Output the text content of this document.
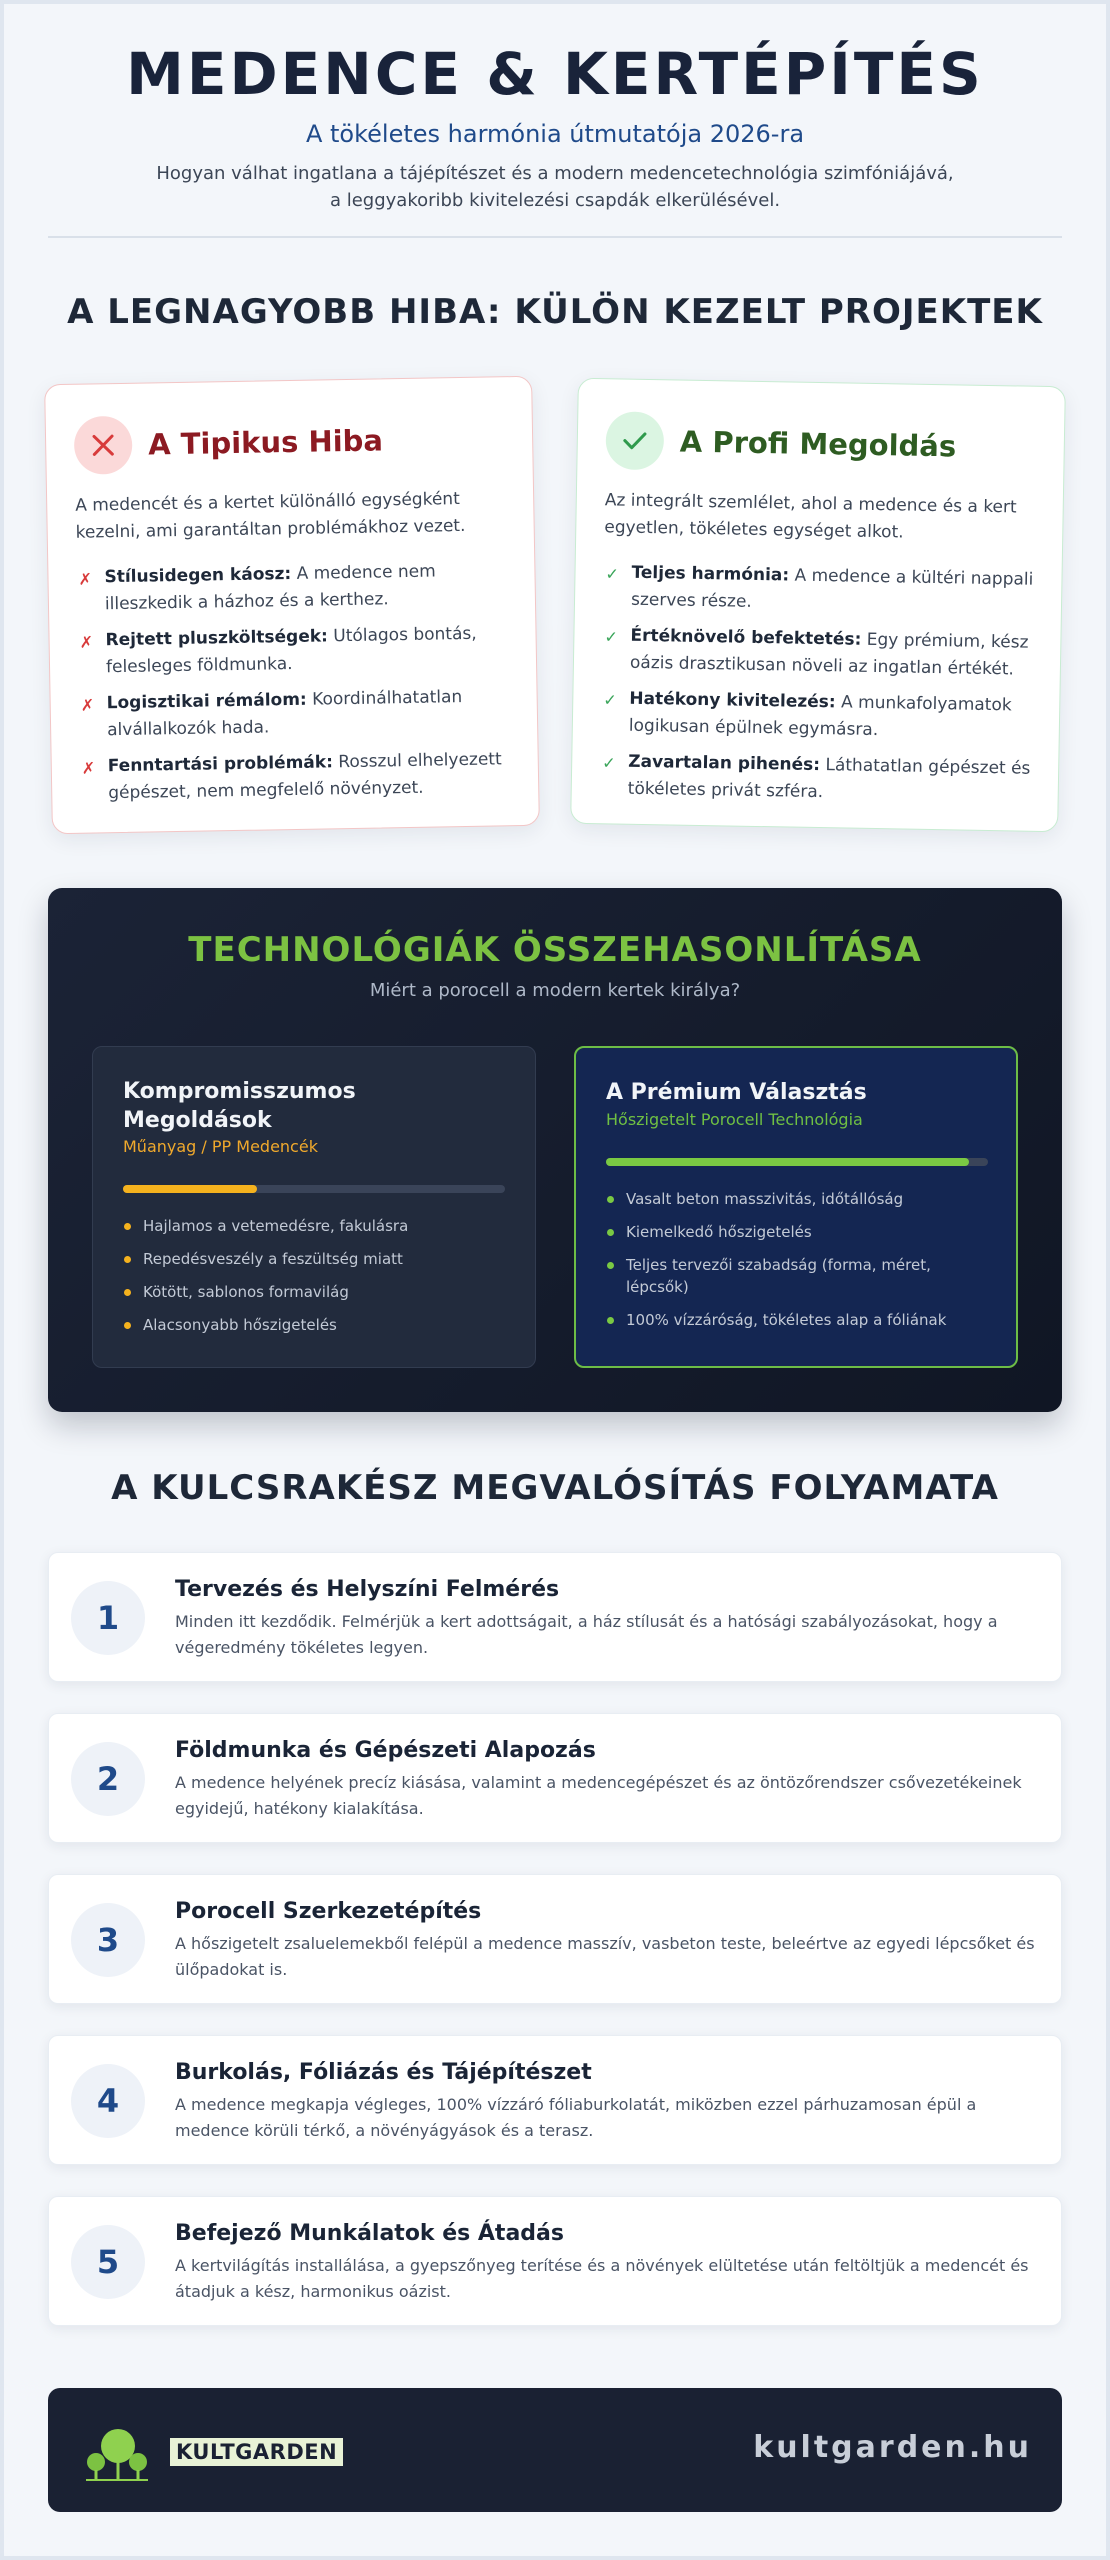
MEDENCE & KERTÉPÍTÉS
A tökéletes harmónia útmutatója 2026-ra
Hogyan válhat ingatlana a tájépítészet és a modern medencetechnológia szimfóniájává,
a leggyakoribb kivitelezési csapdák elkerülésével.
A LEGNAGYOBB HIBA: KÜLÖN KEZELT PROJEKTEK
A Tipikus Hiba
A medencét és a kertet különálló egységként kezelni, ami garantáltan problémákhoz vezet.
✗ Stílusidegen káosz: A medence nem illeszkedik a házhoz és a kerthez.
✗ Rejtett pluszköltségek: Utólagos bontás, felesleges földmunka.
✗ Logisztikai rémálom: Koordinálhatatlan alvállalkozók hada.
✗ Fenntartási problémák: Rosszul elhelyezett gépészet, nem megfelelő növényzet.
A Profi Megoldás
Az integrált szemlélet, ahol a medence és a kert egyetlen, tökéletes egységet alkot.
✓ Teljes harmónia: A medence a kültéri nappali szerves része.
✓ Értéknövelő befektetés: Egy prémium, kész oázis drasztikusan növeli az ingatlan értékét.
✓ Hatékony kivitelezés: A munkafolyamatok logikusan épülnek egymásra.
✓ Zavartalan pihenés: Láthatatlan gépészet és tökéletes privát szféra.
TECHNOLÓGIÁK ÖSSZEHASONLÍTÁSA
Miért a porocell a modern kertek királya?
Kompromisszumos Megoldások
Műanyag / PP Medencék
Hajlamos a vetemedésre, fakulásra
Repedésveszély a feszültség miatt
Kötött, sablonos formavilág
Alacsonyabb hőszigetelés
A Prémium Választás
Hőszigetelt Porocell Technológia
Vasalt beton masszivitás, időtállóság
Kiemelkedő hőszigetelés
Teljes tervezői szabadság (forma, méret, lépcsők)
100% vízzáróság, tökéletes alap a fóliának
A KULCSRAKÉSZ MEGVALÓSÍTÁS FOLYAMATA
1
Tervezés és Helyszíni Felmérés

Minden itt kezdődik. Felmérjük a kert adottságait, a ház stílusát és a hatósági szabályozásokat, hogy a végeredmény tökéletes legyen.

2
Földmunka és Gépészeti Alapozás

A medence helyének precíz kiásása, valamint a medencegépészet és az öntözőrendszer csővezetékeinek egyidejű, hatékony kialakítása.

3
Porocell Szerkezetépítés

A hőszigetelt zsaluelemekből felépül a medence masszív, vasbeton teste, beleértve az egyedi lépcsőket és ülőpadokat is.

4
Burkolás, Fóliázás és Tájépítészet

A medence megkapja végleges, 100% vízzáró fóliaburkolatát, miközben ezzel párhuzamosan épül a medence körüli térkő, a növényágyások és a terasz.

5
Befejező Munkálatok és Átadás

A kertvilágítás installálása, a gyepszőnyeg terítése és a növények elültetése után feltöltjük a medencét és átadjuk a kész, harmonikus oázist.

KULTGARDEN	kultgarden.hu
